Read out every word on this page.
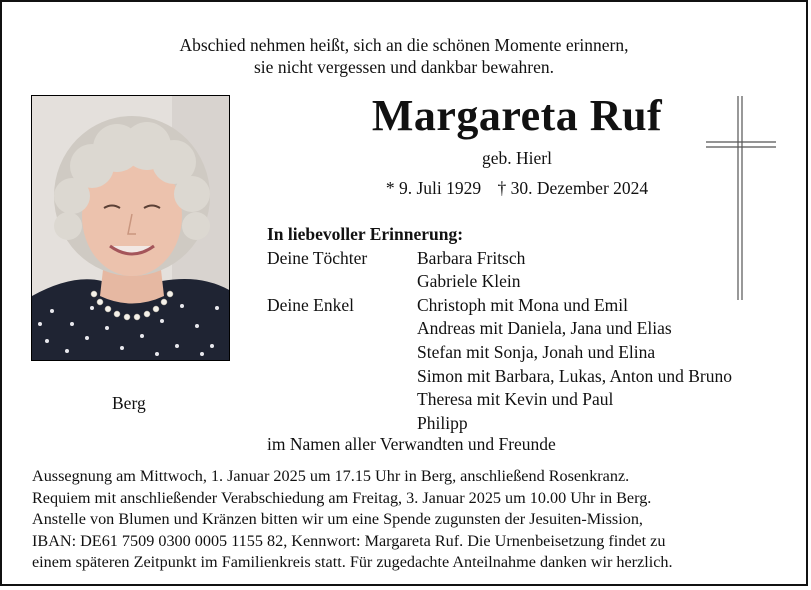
Abschied nehmen heißt, sich an die schönen Momente erinnern,
sie nicht vergessen und dankbar bewahren.
Margareta Ruf
geb. Hierl
* 9. Juli 1929 † 30. Dezember 2024
Berg
In liebevoller Erinnerung:
Deine Töchter	Barbara Fritsch
Gabriele Klein
Deine Enkel	Christoph mit Mona und Emil
Andreas mit Daniela, Jana und Elias
Stefan mit Sonja, Jonah und Elina
Simon mit Barbara, Lukas, Anton und Bruno
Theresa mit Kevin und Paul
Philipp
im Namen aller Verwandten und Freunde
Aussegnung am Mittwoch, 1. Januar 2025 um 17.15 Uhr in Berg, anschließend Rosenkranz.
Requiem mit anschließender Verabschiedung am Freitag, 3. Januar 2025 um 10.00 Uhr in Berg.
Anstelle von Blumen und Kränzen bitten wir um eine Spende zugunsten der Jesuiten-Mission,
IBAN: DE61 7509 0300 0005 1155 82, Kennwort: Margareta Ruf. Die Urnenbeisetzung findet zu
einem späteren Zeitpunkt im Familienkreis statt. Für zugedachte Anteilnahme danken wir herzlich.
